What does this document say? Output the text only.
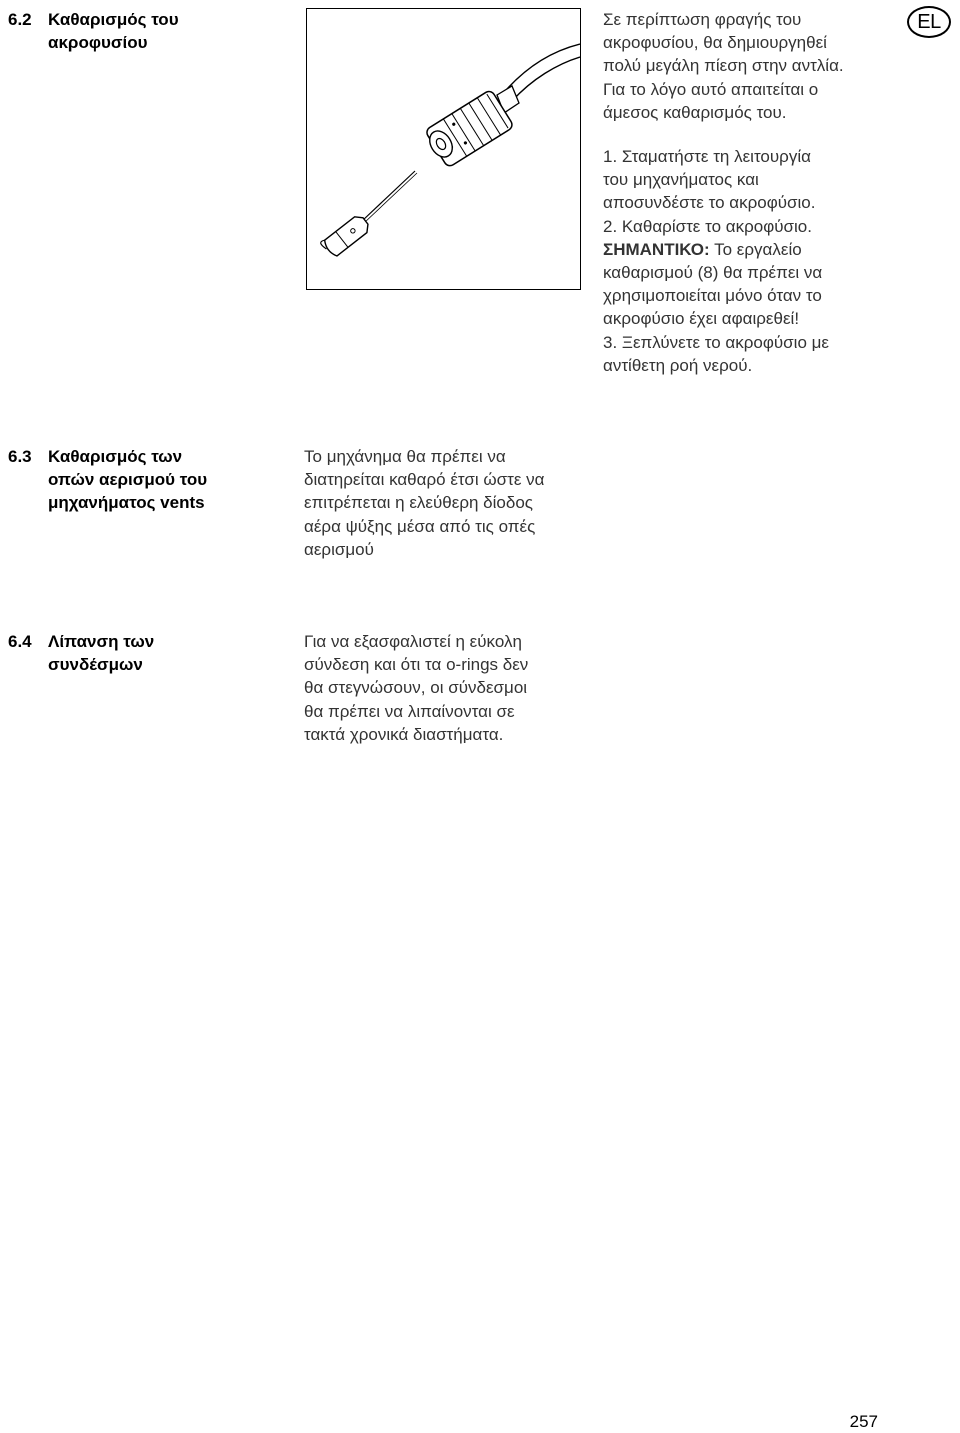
EL
6.2 Καθαρισμός του
ακροφυσίου
Σε περίπτωση φραγής του
ακροφυσίου, θα δημιουργηθεί
πολύ μεγάλη πίεση στην αντλία.
Για το λόγο αυτό απαιτείται ο
άμεσος καθαρισμός του.
1. Σταματήστε τη λειτουργία
του μηχανήματος και
αποσυνδέστε το ακροφύσιο.
2. Καθαρίστε το ακροφύσιο.
ΣΗΜΑΝΤΙΚΟ: Το εργαλείο
καθαρισμού (8) θα πρέπει να
χρησιμοποιείται μόνο όταν το
ακροφύσιο έχει αφαιρεθεί!
3. Ξεπλύνετε το ακροφύσιο με
αντίθετη ροή νερού.
6.3 Καθαρισμός των
οπών αερισμού του
μηχανήματος vents
Το μηχάνημα θα πρέπει να
διατηρείται καθαρό έτσι ώστε να
επιτρέπεται η ελεύθερη δίοδος
αέρα ψύξης μέσα από τις οπές
αερισμού
6.4 Λίπανση των
συνδέσμων
Για να εξασφαλιστεί η εύκολη
σύνδεση και ότι τα o-rings δεν
θα στεγνώσουν, οι σύνδεσμοι
θα πρέπει να λιπαίνονται σε
τακτά χρονικά διαστήματα.
257
